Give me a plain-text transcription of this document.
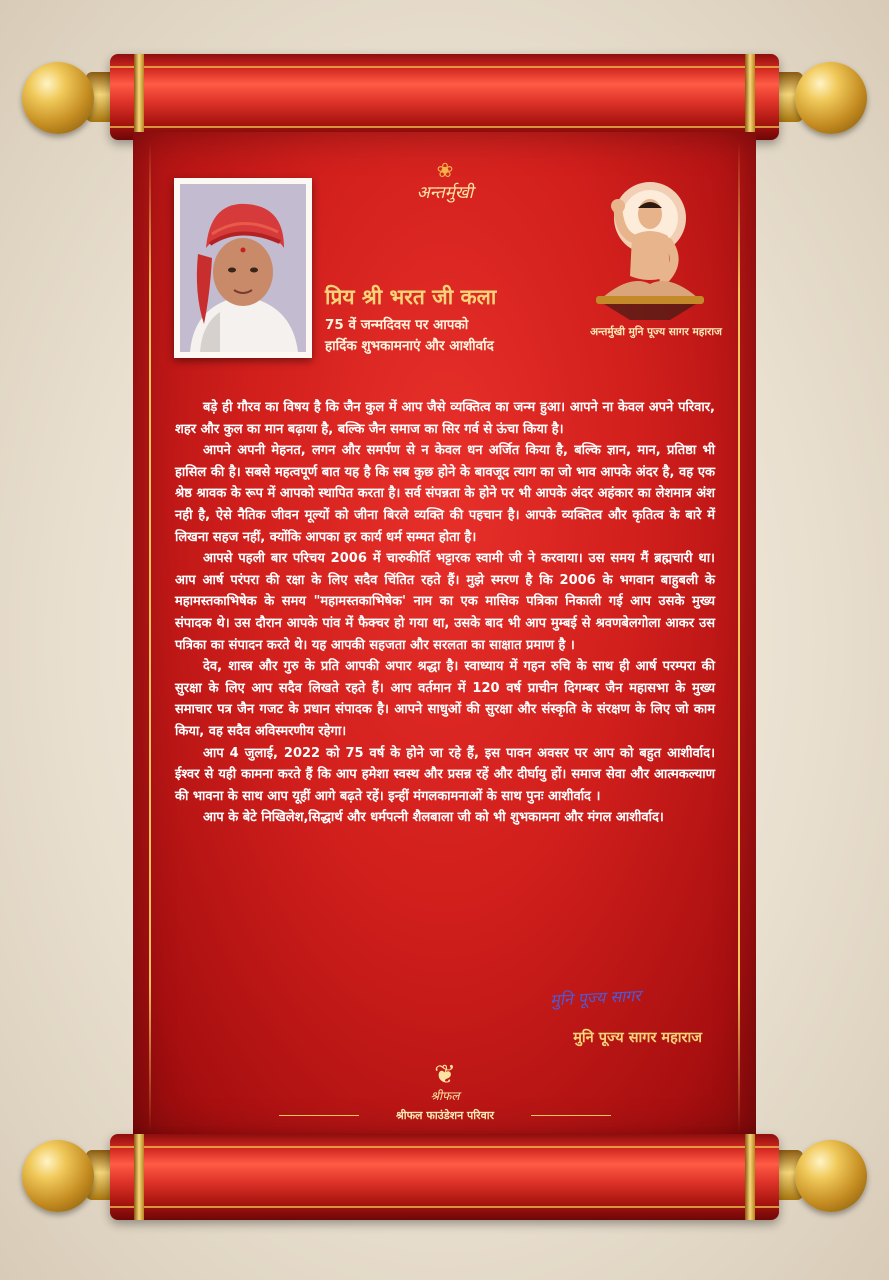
❀
अन्तर्मुखी
प्रिय श्री भरत जी कला
75 वें जन्मदिवस पर आपको
हार्दिक शुभकामनाएं और आशीर्वाद
अन्तर्मुखी मुनि पूज्य सागर महाराज

बड़े ही गौरव का विषय है कि जैन कुल में आप जैसे व्यक्तित्व का जन्म हुआ। आपने ना केवल अपने परिवार, शहर और कुल का मान बढ़ाया है, बल्कि जैन समाज का सिर गर्व से ऊंचा किया है।

आपने अपनी मेहनत, लगन और समर्पण से न केवल धन अर्जित किया है, बल्कि ज्ञान, मान, प्रतिष्ठा भी हासिल की है। सबसे महत्वपूर्ण बात यह है कि सब कुछ होने के बावजूद त्याग का जो भाव आपके अंदर है, वह एक श्रेष्ठ श्रावक के रूप में आपको स्थापित करता है। सर्व संपन्नता के होने पर भी आपके अंदर अहंकार का लेशमात्र अंश नही है, ऐसे नैतिक जीवन मूल्यों को जीना बिरले व्यक्ति की पहचान है। आपके व्यक्तित्व और कृतित्व के बारे में लिखना सहज नहीं, क्योंकि आपका हर कार्य धर्म सम्मत होता है।

आपसे पहली बार परिचय 2006 में चारुकीर्ति भट्टारक स्वामी जी ने करवाया। उस समय मैं ब्रह्मचारी था। आप आर्ष परंपरा की रक्षा के लिए सदैव चिंतित रहते हैं। मुझे स्मरण है कि 2006 के भगवान बाहुबली के महामस्तकाभिषेक के समय "महामस्तकाभिषेक' नाम का एक मासिक पत्रिका निकाली गई आप उसके मुख्य संपादक थे। उस दौरान आपके पांव में फैक्चर हो गया था, उसके बाद भी आप मुम्बई से श्रवणबेलगोला आकर उस पत्रिका का संपादन करते थे। यह आपकी सहजता और सरलता का साक्षात प्रमाण है ।

देव, शास्त्र और गुरु के प्रति आपकी अपार श्रद्धा है। स्वाध्याय में गहन रुचि के साथ ही आर्ष परम्परा की सुरक्षा के लिए आप सदैव लिखते रहते हैं। आप वर्तमान में 120 वर्ष प्राचीन दिगम्बर जैन महासभा के मुख्य समाचार पत्र जैन गजट के प्रधान संपादक है। आपने साधुओं की सुरक्षा और संस्कृति के संरक्षण के लिए जो काम किया, वह सदैव अविस्मरणीय रहेगा।

आप 4 जुलाई, 2022 को 75 वर्ष के होने जा रहे हैं, इस पावन अवसर पर आप को बहुत आशीर्वाद। ईश्वर से यही कामना करते हैं कि आप हमेशा स्वस्थ और प्रसन्न रहें और दीर्घायु हों। समाज सेवा और आत्मकल्याण की भावना के साथ आप यूहीं आगे बढ़ते रहें। इन्हीं मंगलकामनाओं के साथ पुनः आशीर्वाद ।

आप के बेटे निखिलेश,सिद्धार्थ और धर्मपत्नी शैलबाला जी को भी शुभकामना और मंगल आशीर्वाद।

मुनि पूज्य सागर
मुनि पूज्य सागर महाराज
❦
श्रीफल
श्रीफल फाउंडेशन परिवार
